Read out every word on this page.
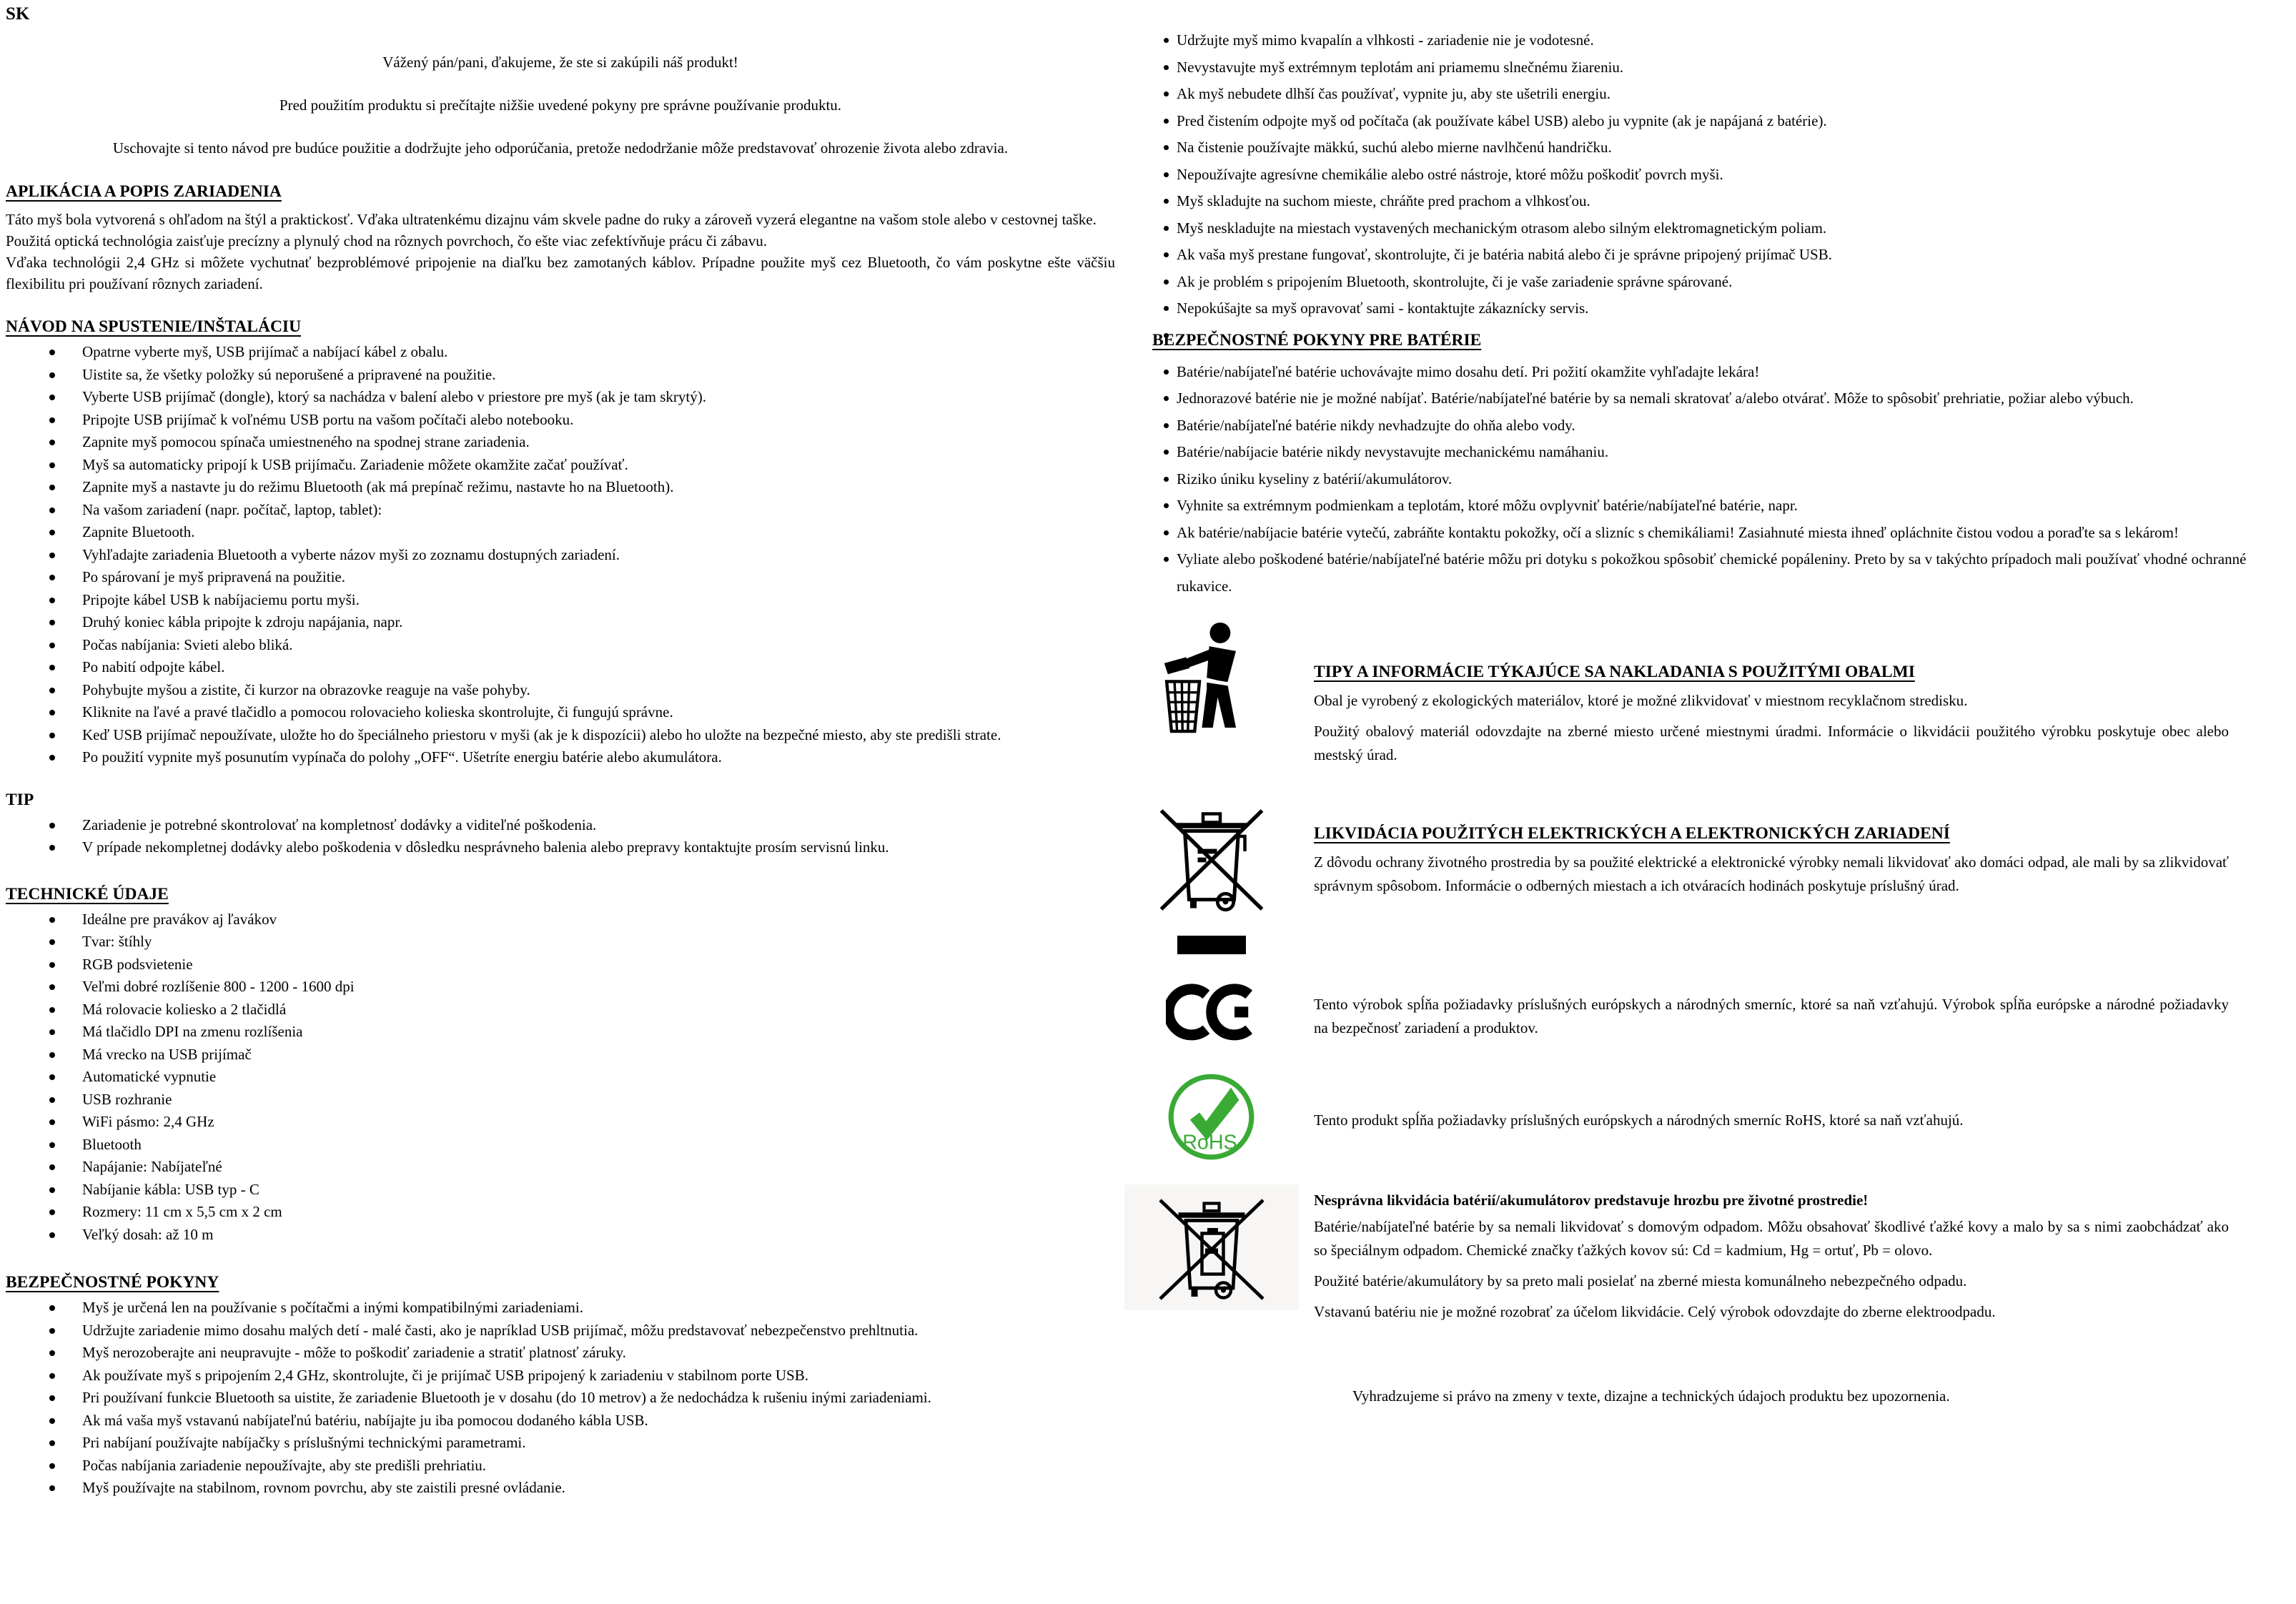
SK

Vážený pán/pani, ďakujeme, že ste si zakúpili náš produkt!

Pred použitím produktu si prečítajte nižšie uvedené pokyny pre správne používanie produktu.

Uschovajte si tento návod pre budúce použitie a dodržujte jeho odporúčania, pretože nedodržanie môže predstavovať ohrozenie života alebo zdravia.

APLIKÁCIA A POPIS ZARIADENIA

Táto myš bola vytvorená s ohľadom na štýl a praktickosť. Vďaka ultratenkému dizajnu vám skvele padne do ruky a zároveň vyzerá elegantne na vašom stole alebo v cestovnej taške.

Použitá optická technológia zaisťuje precízny a plynulý chod na rôznych povrchoch, čo ešte viac zefektívňuje prácu či zábavu.

Vďaka technológii 2,4 GHz si môžete vychutnať bezproblémové pripojenie na diaľku bez zamotaných káblov. Prípadne použite myš cez Bluetooth, čo vám poskytne ešte väčšiu flexibilitu pri používaní rôznych zariadení.

NÁVOD NA SPUSTENIE/INŠTALÁCIU
Opatrne vyberte myš, USB prijímač a nabíjací kábel z obalu.
Uistite sa, že všetky položky sú neporušené a pripravené na použitie.
Vyberte USB prijímač (dongle), ktorý sa nachádza v balení alebo v priestore pre myš (ak je tam skrytý).
Pripojte USB prijímač k voľnému USB portu na vašom počítači alebo notebooku.
Zapnite myš pomocou spínača umiestneného na spodnej strane zariadenia.
Myš sa automaticky pripojí k USB prijímaču. Zariadenie môžete okamžite začať používať.
Zapnite myš a nastavte ju do režimu Bluetooth (ak má prepínač režimu, nastavte ho na Bluetooth).
Na vašom zariadení (napr. počítač, laptop, tablet):
Zapnite Bluetooth.
Vyhľadajte zariadenia Bluetooth a vyberte názov myši zo zoznamu dostupných zariadení.
Po spárovaní je myš pripravená na použitie.
Pripojte kábel USB k nabíjaciemu portu myši.
Druhý koniec kábla pripojte k zdroju napájania, napr.
Počas nabíjania: Svieti alebo bliká.
Po nabití odpojte kábel.
Pohybujte myšou a zistite, či kurzor na obrazovke reaguje na vaše pohyby.
Kliknite na ľavé a pravé tlačidlo a pomocou rolovacieho kolieska skontrolujte, či fungujú správne.
Keď USB prijímač nepoužívate, uložte ho do špeciálneho priestoru v myši (ak je k dispozícii) alebo ho uložte na bezpečné miesto, aby ste predišli strate.
Po použití vypnite myš posunutím vypínača do polohy „OFF“. Ušetríte energiu batérie alebo akumulátora.
TIP
Zariadenie je potrebné skontrolovať na kompletnosť dodávky a viditeľné poškodenia.
V prípade nekompletnej dodávky alebo poškodenia v dôsledku nesprávneho balenia alebo prepravy kontaktujte prosím servisnú linku.
TECHNICKÉ ÚDAJE
Ideálne pre pravákov aj ľavákov
Tvar: štíhly
RGB podsvietenie
Veľmi dobré rozlíšenie 800 - 1200 - 1600 dpi
Má rolovacie koliesko a 2 tlačidlá
Má tlačidlo DPI na zmenu rozlíšenia
Má vrecko na USB prijímač
Automatické vypnutie
USB rozhranie
WiFi pásmo: 2,4 GHz
Bluetooth
Napájanie: Nabíjateľné
Nabíjanie kábla: USB typ - C
Rozmery: 11 cm x 5,5 cm x 2 cm
Veľký dosah: až 10 m
BEZPEČNOSTNÉ POKYNY
Myš je určená len na používanie s počítačmi a inými kompatibilnými zariadeniami.
Udržujte zariadenie mimo dosahu malých detí - malé časti, ako je napríklad USB prijímač, môžu predstavovať nebezpečenstvo prehltnutia.
Myš nerozoberajte ani neupravujte - môže to poškodiť zariadenie a stratiť platnosť záruky.
Ak používate myš s pripojením 2,4 GHz, skontrolujte, či je prijímač USB pripojený k zariadeniu v stabilnom porte USB.
Pri používaní funkcie Bluetooth sa uistite, že zariadenie Bluetooth je v dosahu (do 10 metrov) a že nedochádza k rušeniu inými zariadeniami.
Ak má vaša myš vstavanú nabíjateľnú batériu, nabíjajte ju iba pomocou dodaného kábla USB.
Pri nabíjaní používajte nabíjačky s príslušnými technickými parametrami.
Počas nabíjania zariadenie nepoužívajte, aby ste predišli prehriatiu.
Myš používajte na stabilnom, rovnom povrchu, aby ste zaistili presné ovládanie.
Udržujte myš mimo kvapalín a vlhkosti - zariadenie nie je vodotesné.
Nevystavujte myš extrémnym teplotám ani priamemu slnečnému žiareniu.
Ak myš nebudete dlhší čas používať, vypnite ju, aby ste ušetrili energiu.
Pred čistením odpojte myš od počítača (ak používate kábel USB) alebo ju vypnite (ak je napájaná z batérie).
Na čistenie používajte mäkkú, suchú alebo mierne navlhčenú handričku.
Nepoužívajte agresívne chemikálie alebo ostré nástroje, ktoré môžu poškodiť povrch myši.
Myš skladujte na suchom mieste, chráňte pred prachom a vlhkosťou.
Myš neskladujte na miestach vystavených mechanickým otrasom alebo silným elektromagnetickým poliam.
Ak vaša myš prestane fungovať, skontrolujte, či je batéria nabitá alebo či je správne pripojený prijímač USB.
Ak je problém s pripojením Bluetooth, skontrolujte, či je vaše zariadenie správne spárované.
Nepokúšajte sa myš opravovať sami - kontaktujte zákaznícky servis.
BEZPEČNOSTNÉ POKYNY PRE BATÉRIE
Batérie/nabíjateľné batérie uchovávajte mimo dosahu detí. Pri požití okamžite vyhľadajte lekára!
Jednorazové batérie nie je možné nabíjať. Batérie/nabíjateľné batérie by sa nemali skratovať a/alebo otvárať. Môže to spôsobiť prehriatie, požiar alebo výbuch.
Batérie/nabíjateľné batérie nikdy nevhadzujte do ohňa alebo vody.
Batérie/nabíjacie batérie nikdy nevystavujte mechanickému namáhaniu.
Riziko úniku kyseliny z batérií/akumulátorov.
Vyhnite sa extrémnym podmienkam a teplotám, ktoré môžu ovplyvniť batérie/nabíjateľné batérie, napr.
Ak batérie/nabíjacie batérie vytečú, zabráňte kontaktu pokožky, očí a slizníc s chemikáliami! Zasiahnuté miesta ihneď opláchnite čistou vodou a poraďte sa s lekárom!
Vyliate alebo poškodené batérie/nabíjateľné batérie môžu pri dotyku s pokožkou spôsobiť chemické popáleniny. Preto by sa v takýchto prípadoch mali používať vhodné ochranné rukavice.
TIPY A INFORMÁCIE TÝKAJÚCE SA NAKLADANIA S POUŽITÝMI OBALMI

Obal je vyrobený z ekologických materiálov, ktoré je možné zlikvidovať v miestnom recyklačnom stredisku.

Použitý obalový materiál odovzdajte na zberné miesto určené miestnymi úradmi. Informácie o likvidácii použitého výrobku poskytuje obec alebo mestský úrad.

LIKVIDÁCIA POUŽITÝCH ELEKTRICKÝCH A ELEKTRONICKÝCH ZARIADENÍ

Z dôvodu ochrany životného prostredia by sa použité elektrické a elektronické výrobky nemali likvidovať ako domáci odpad, ale mali by sa zlikvidovať správnym spôsobom. Informácie o odberných miestach a ich otváracích hodinách poskytuje príslušný úrad.

Tento výrobok spĺňa požiadavky príslušných európskych a národných smerníc, ktoré sa naň vzťahujú. Výrobok spĺňa európske a národné požiadavky na bezpečnosť zariadení a produktov.

RoHS

Tento produkt spĺňa požiadavky príslušných európskych a národných smerníc RoHS, ktoré sa naň vzťahujú.

Nesprávna likvidácia batérií/akumulátorov predstavuje hrozbu pre životné prostredie!

Batérie/nabíjateľné batérie by sa nemali likvidovať s domovým odpadom. Môžu obsahovať škodlivé ťažké kovy a malo by sa s nimi zaobchádzať ako so špeciálnym odpadom. Chemické značky ťažkých kovov sú: Cd = kadmium, Hg = ortuť, Pb = olovo.

Použité batérie/akumulátory by sa preto mali posielať na zberné miesta komunálneho nebezpečného odpadu.

Vstavanú batériu nie je možné rozobrať za účelom likvidácie. Celý výrobok odovzdajte do zberne elektroodpadu.

Vyhradzujeme si právo na zmeny v texte, dizajne a technických údajoch produktu bez upozornenia.
